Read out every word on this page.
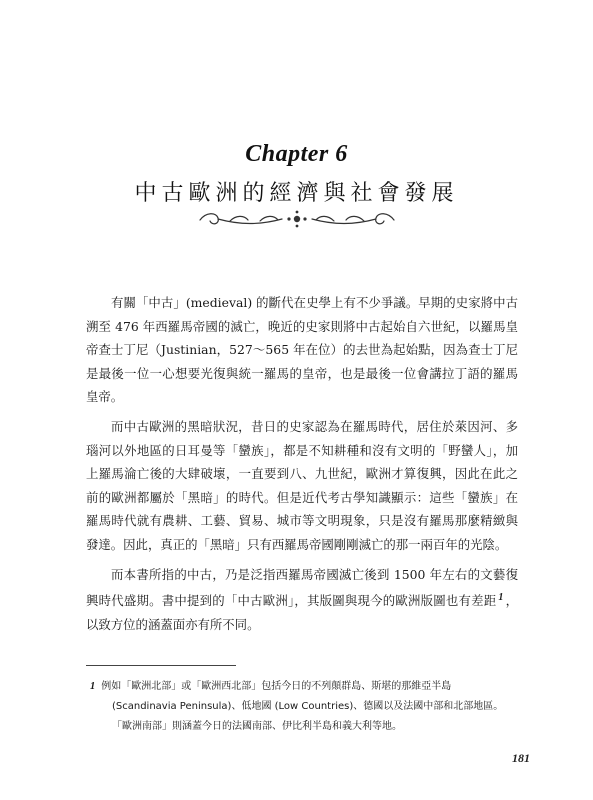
Chapter 6
中古歐洲的經濟與社會發展

有關「中古」(medieval) 的斷代在史學上有不少爭議。早期的史家將中古溯至 476 年西羅馬帝國的滅亡，晚近的史家則將中古起始自六世紀，以羅馬皇帝查士丁尼（Justinian，527～565 年在位）的去世為起始點，因為查士丁尼是最後一位一心想要光復與統一羅馬的皇帝，也是最後一位會講拉丁語的羅馬皇帝。

而中古歐洲的黑暗狀況，昔日的史家認為在羅馬時代，居住於萊因河、多瑙河以外地區的日耳曼等「蠻族」，都是不知耕種和沒有文明的「野蠻人」，加上羅馬淪亡後的大肆破壞，一直要到八、九世紀，歐洲才算復興，因此在此之前的歐洲都屬於「黑暗」的時代。但是近代考古學知識顯示：這些「蠻族」在羅馬時代就有農耕、工藝、貿易、城市等文明現象，只是沒有羅馬那麼精緻與發達。因此，真正的「黑暗」只有西羅馬帝國剛剛滅亡的那一兩百年的光陰。

而本書所指的中古，乃是泛指西羅馬帝國滅亡後到 1500 年左右的文藝復興時代盛期。書中提到的「中古歐洲」，其版圖與現今的歐洲版圖也有差距 $^1$ ，以致方位的涵蓋面亦有所不同。

1 例如「歐洲北部」或「歐洲西北部」包括今日的不列顛群島、斯堪的那維亞半島
(Scandinavia Peninsula)、低地國 (Low Countries)、德國以及法國中部和北部地區。
「歐洲南部」則涵蓋今日的法國南部、伊比利半島和義大利等地。
181
